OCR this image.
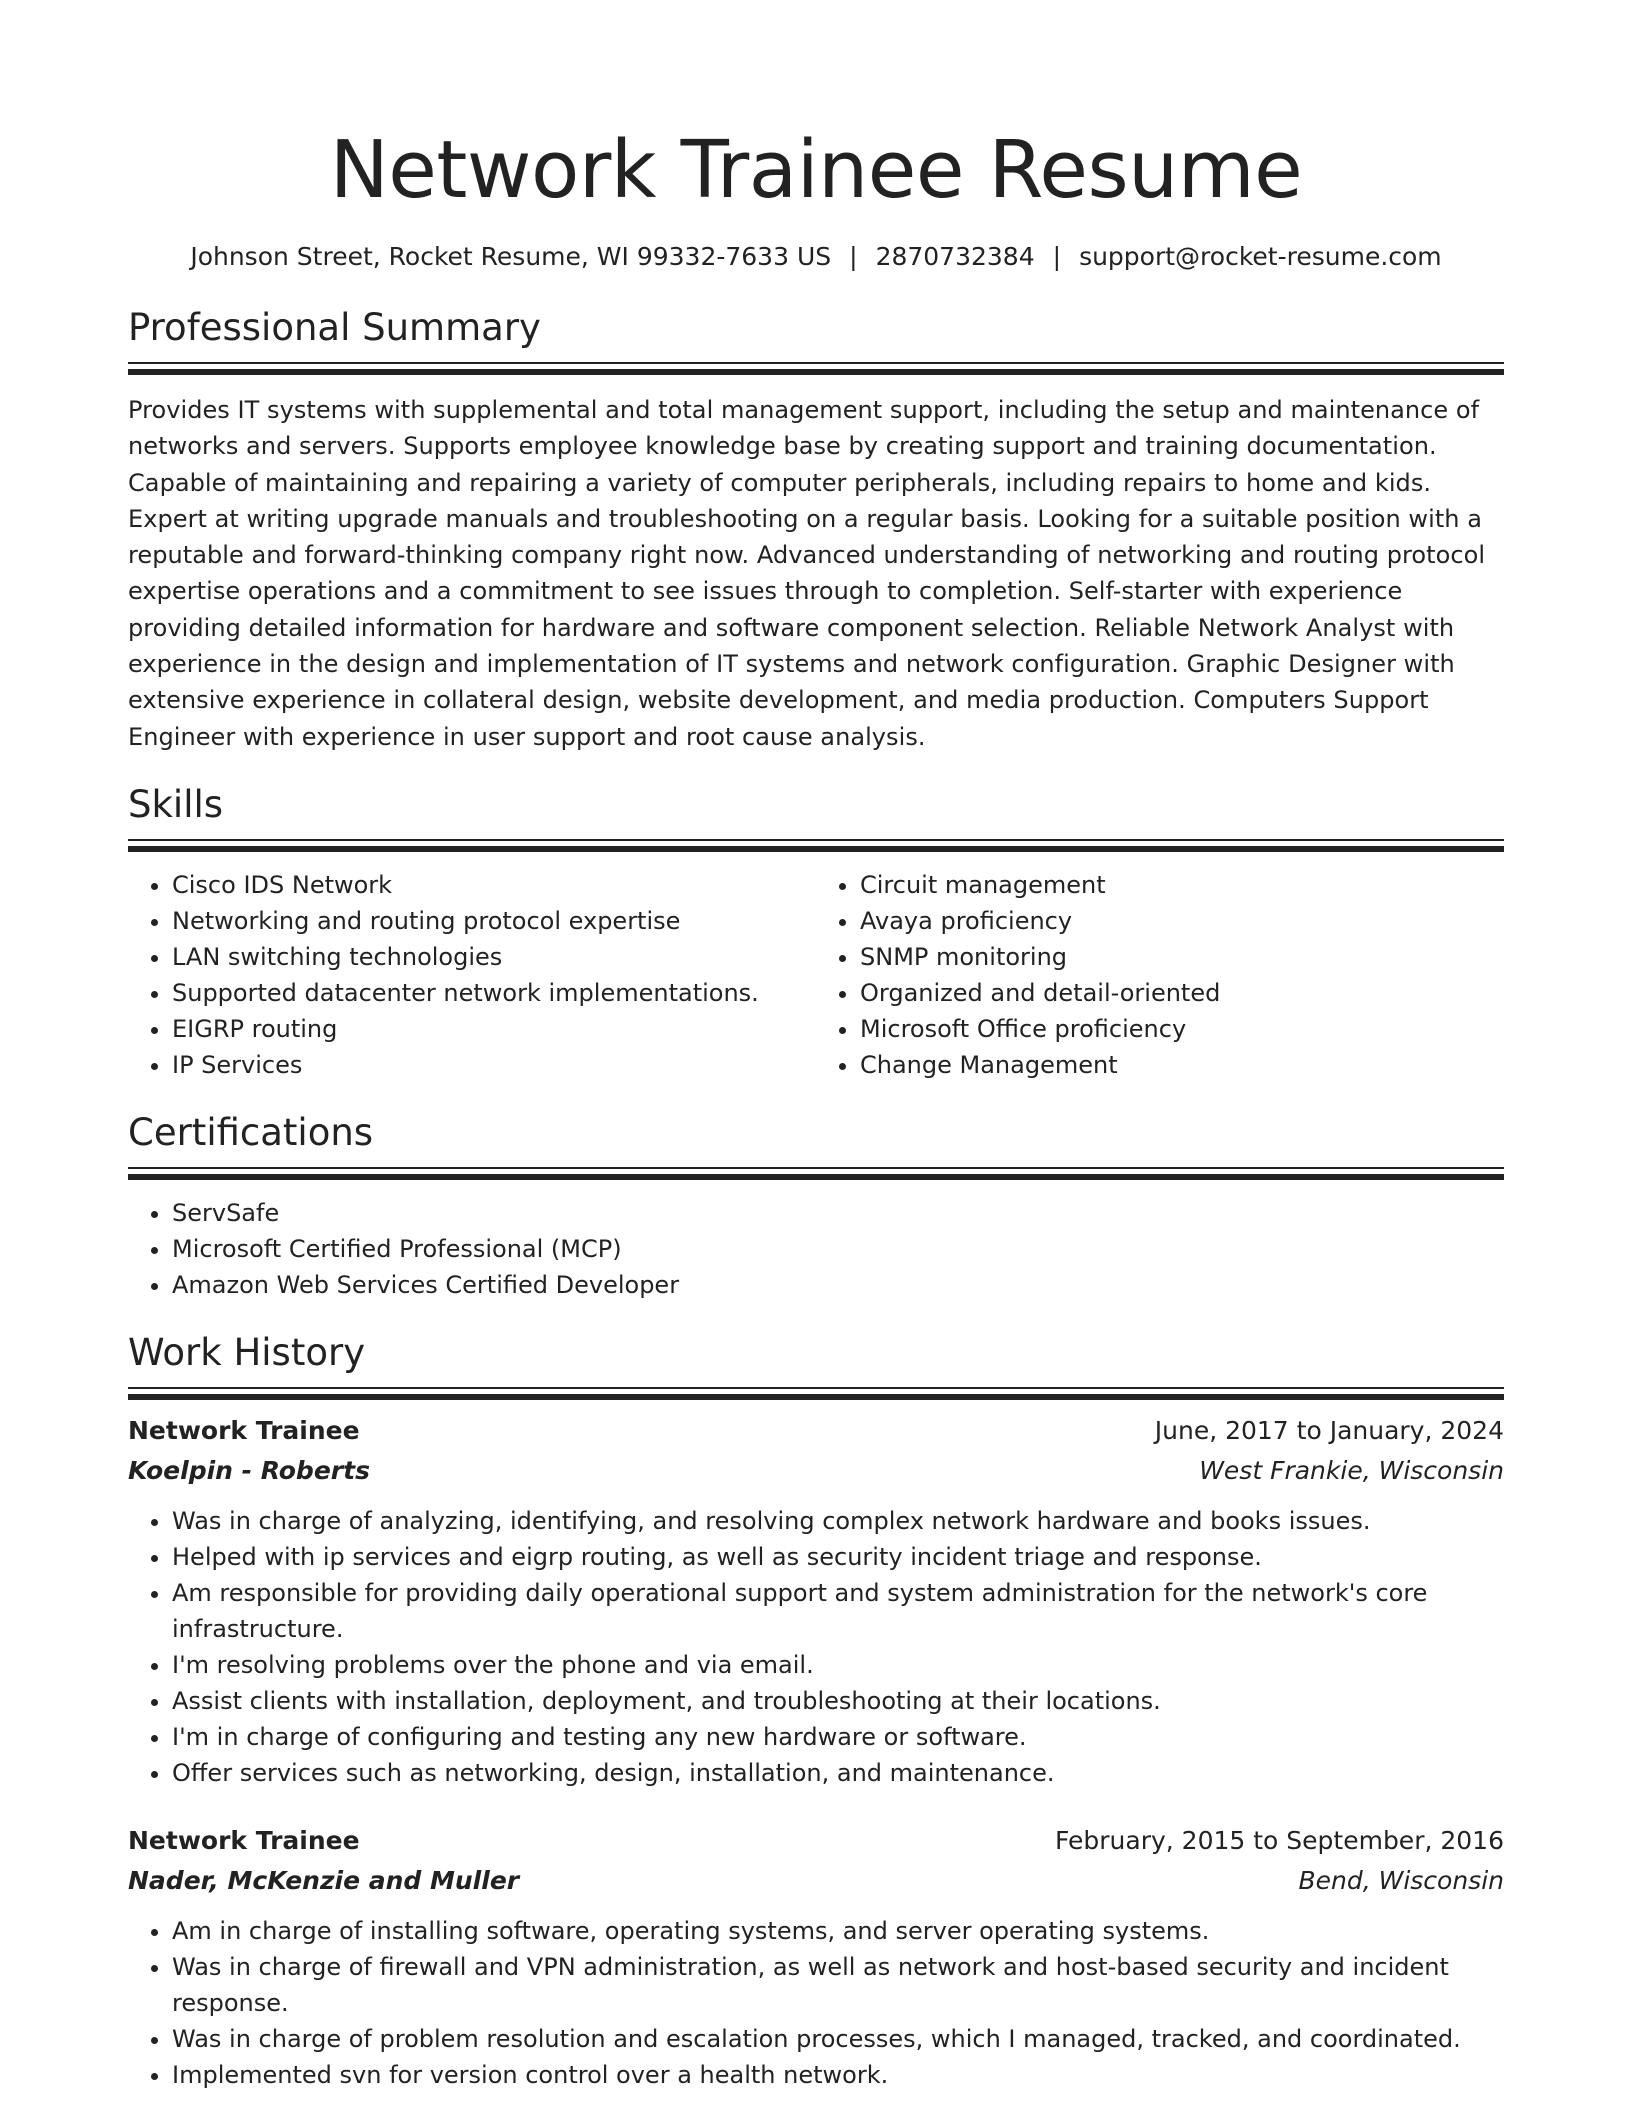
Network Trainee Resume
Johnson Street, Rocket Resume, WI 99332-7633 US | 2870732384 | support@rocket-resume.com
Professional Summary

Provides IT systems with supplemental and total management support, including the setup and maintenance of networks and servers. Supports employee knowledge base by creating support and training documentation. Capable of maintaining and repairing a variety of computer peripherals, including repairs to home and kids. Expert at writing upgrade manuals and troubleshooting on a regular basis. Looking for a suitable position with a reputable and forward-thinking company right now. Advanced understanding of networking and routing protocol expertise operations and a commitment to see issues through to completion. Self-starter with experience providing detailed information for hardware and software component selection. Reliable Network Analyst with experience in the design and implementation of IT systems and network configuration. Graphic Designer with extensive experience in collateral design, website development, and media production. Computers Support Engineer with experience in user support and root cause analysis.

Skills
• Cisco IDS Network
• Networking and routing protocol expertise
• LAN switching technologies
• Supported datacenter network implementations.
• EIGRP routing
• IP Services
• Circuit management
• Avaya proficiency
• SNMP monitoring
• Organized and detail-oriented
• Microsoft Office proficiency
• Change Management
Certifications
• ServSafe
• Microsoft Certified Professional (MCP)
• Amazon Web Services Certified Developer
Work History
Network Trainee	June, 2017 to January, 2024
Koelpin - Roberts	West Frankie, Wisconsin
• Was in charge of analyzing, identifying, and resolving complex network hardware and books issues.
• Helped with ip services and eigrp routing, as well as security incident triage and response.
• Am responsible for providing daily operational support and system administration for the network's core infrastructure.
• I'm resolving problems over the phone and via email.
• Assist clients with installation, deployment, and troubleshooting at their locations.
• I'm in charge of configuring and testing any new hardware or software.
• Offer services such as networking, design, installation, and maintenance.
Network Trainee	February, 2015 to September, 2016
Nader, McKenzie and Muller	Bend, Wisconsin
• Am in charge of installing software, operating systems, and server operating systems.
• Was in charge of firewall and VPN administration, as well as network and host-based security and incident response.
• Was in charge of problem resolution and escalation processes, which I managed, tracked, and coordinated.
• Implemented svn for version control over a health network.
